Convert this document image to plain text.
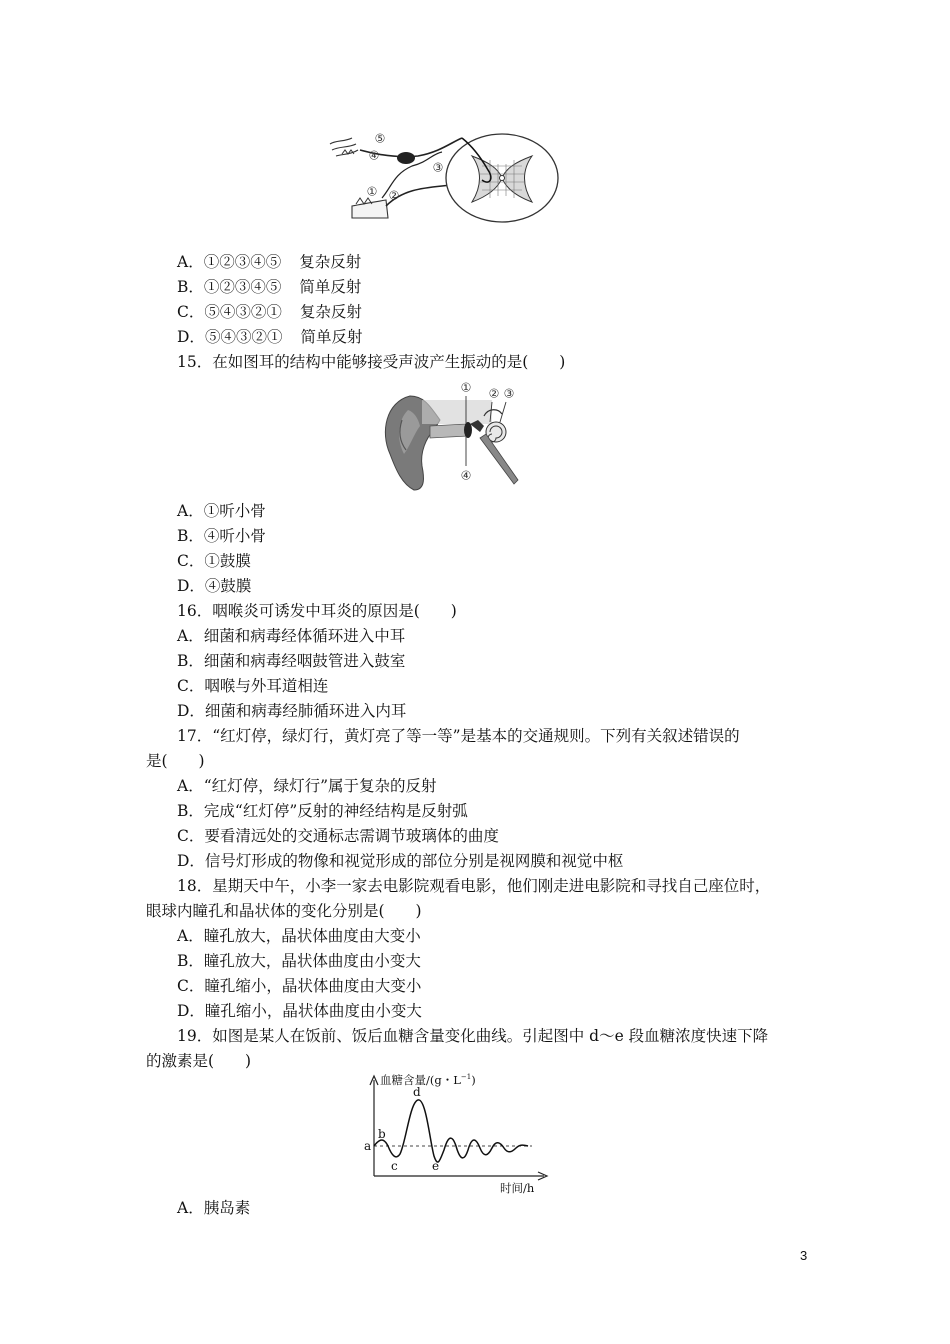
⑤
④
③
① ②
A．①②③④⑤ 复杂反射
B．①②③④⑤ 简单反射
C．⑤④③②① 复杂反射
D．⑤④③②① 简单反射
15．在如图耳的结构中能够接受声波产生振动的是(　　)
① ② ③
④
A．①听小骨
B．④听小骨
C．①鼓膜
D．④鼓膜
16．咽喉炎可诱发中耳炎的原因是(　　)
A．细菌和病毒经体循环进入中耳
B．细菌和病毒经咽鼓管进入鼓室
C．咽喉与外耳道相连
D．细菌和病毒经肺循环进入内耳
17．“红灯停，绿灯行，黄灯亮了等一等”是基本的交通规则。下列有关叙述错误的
是(　　)
A．“红灯停，绿灯行”属于复杂的反射
B．完成“红灯停”反射的神经结构是反射弧
C．要看清远处的交通标志需调节玻璃体的曲度
D．信号灯形成的物像和视觉形成的部位分别是视网膜和视觉中枢
18．星期天中午，小李一家去电影院观看电影，他们刚走进电影院和寻找自己座位时，
眼球内瞳孔和晶状体的变化分别是(　　)
A．瞳孔放大，晶状体曲度由大变小
B．瞳孔放大，晶状体曲度由小变大
C．瞳孔缩小，晶状体曲度由大变小
D．瞳孔缩小，晶状体曲度由小变大
19．如图是某人在饭前、饭后血糖含量变化曲线。引起图中 d～e 段血糖浓度快速下降
的激素是(　　)
血糖含量/(g・$L^{-1}$)
时间/h
a
b
c
d
e
A．胰岛素
3
